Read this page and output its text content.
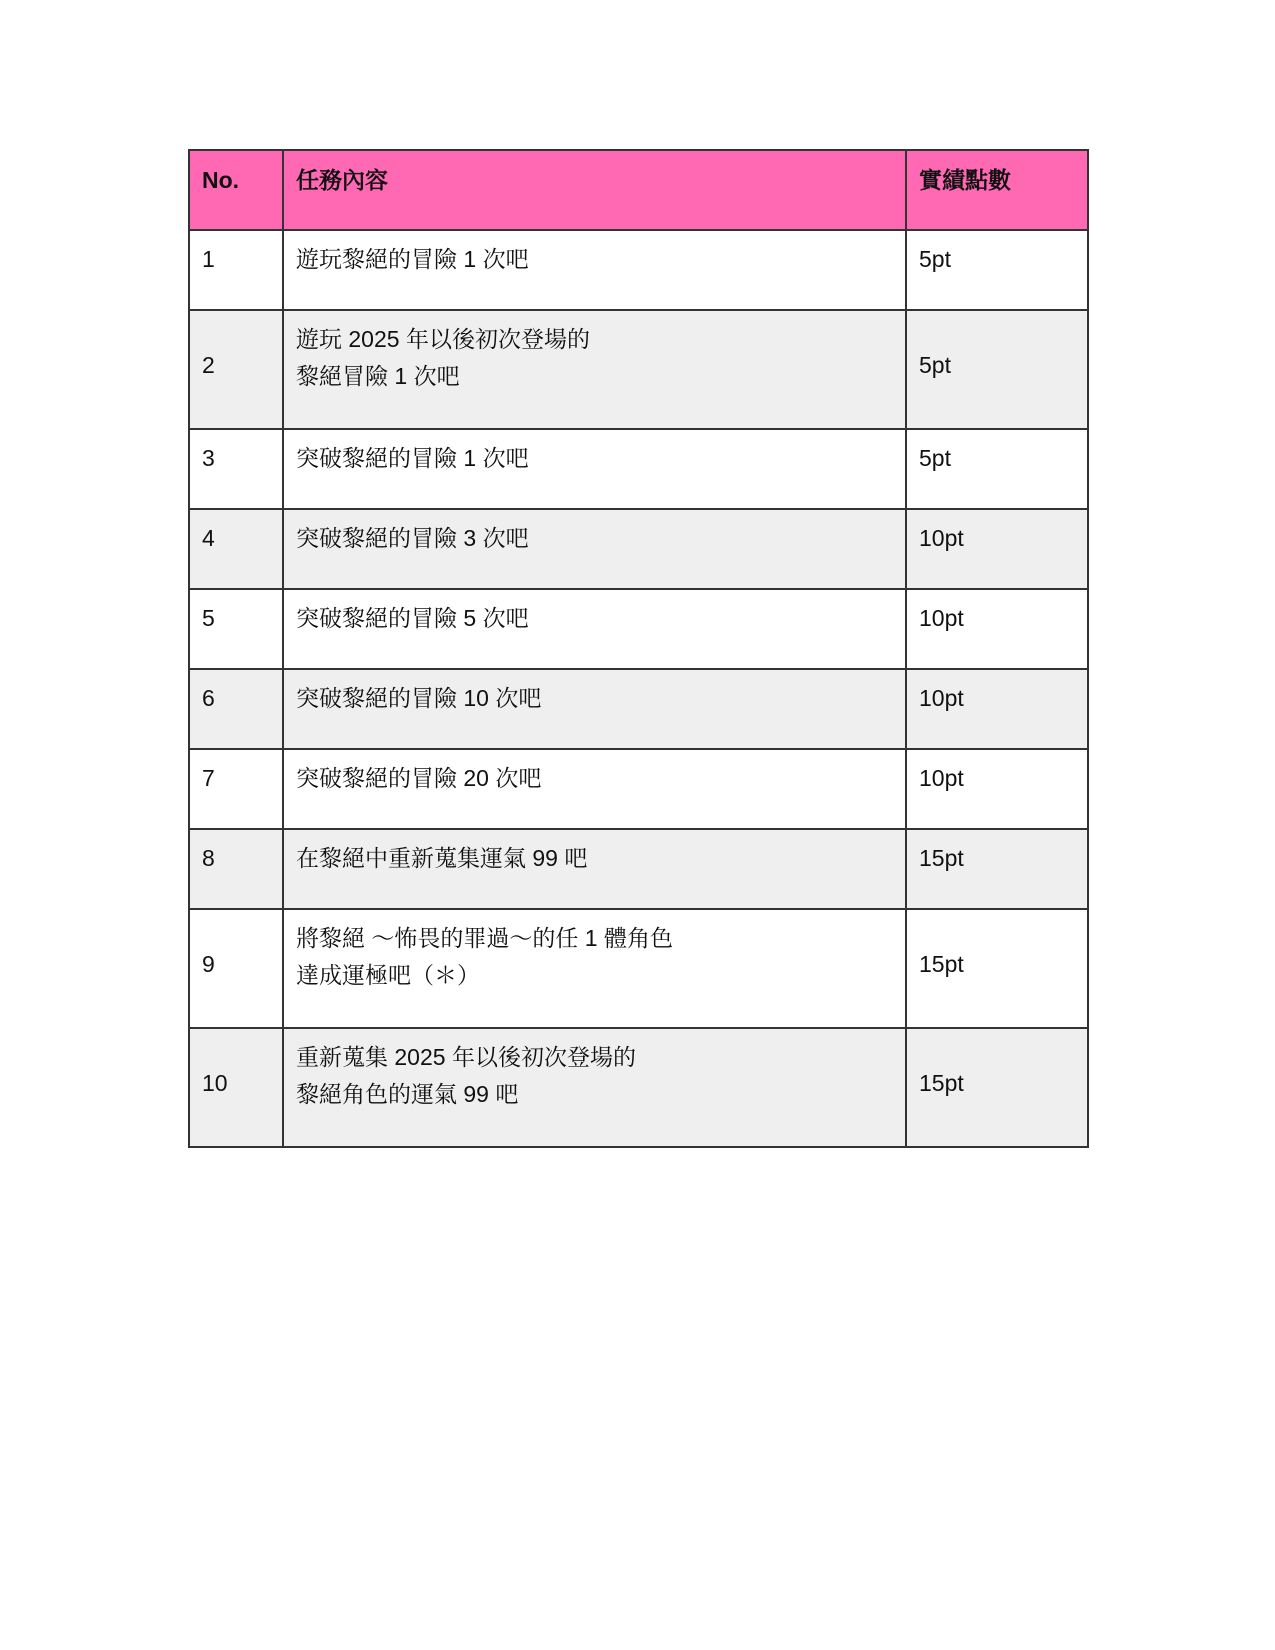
No.	任務內容	實績點數
1	遊玩黎絕的冒險 1 次吧	5pt
2	遊玩 2025 年以後初次登場的
黎絕冒險 1 次吧	5pt
3	突破黎絕的冒險 1 次吧	5pt
4	突破黎絕的冒險 3 次吧	10pt
5	突破黎絕的冒險 5 次吧	10pt
6	突破黎絕的冒險 10 次吧	10pt
7	突破黎絕的冒險 20 次吧	10pt
8	在黎絕中重新蒐集運氣 99 吧	15pt
9	將黎絕 ～怖畏的罪過～的任 1 體角色
達成運極吧（＊）	15pt
10	重新蒐集 2025 年以後初次登場的
黎絕角色的運氣 99 吧	15pt
